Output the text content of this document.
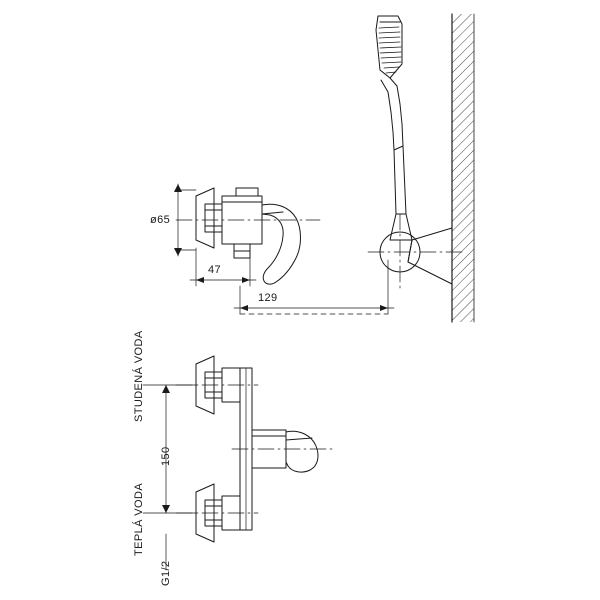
ø65
47
129
150
STUDENÁ VODA
TEPLÁ VODA
G1/2
